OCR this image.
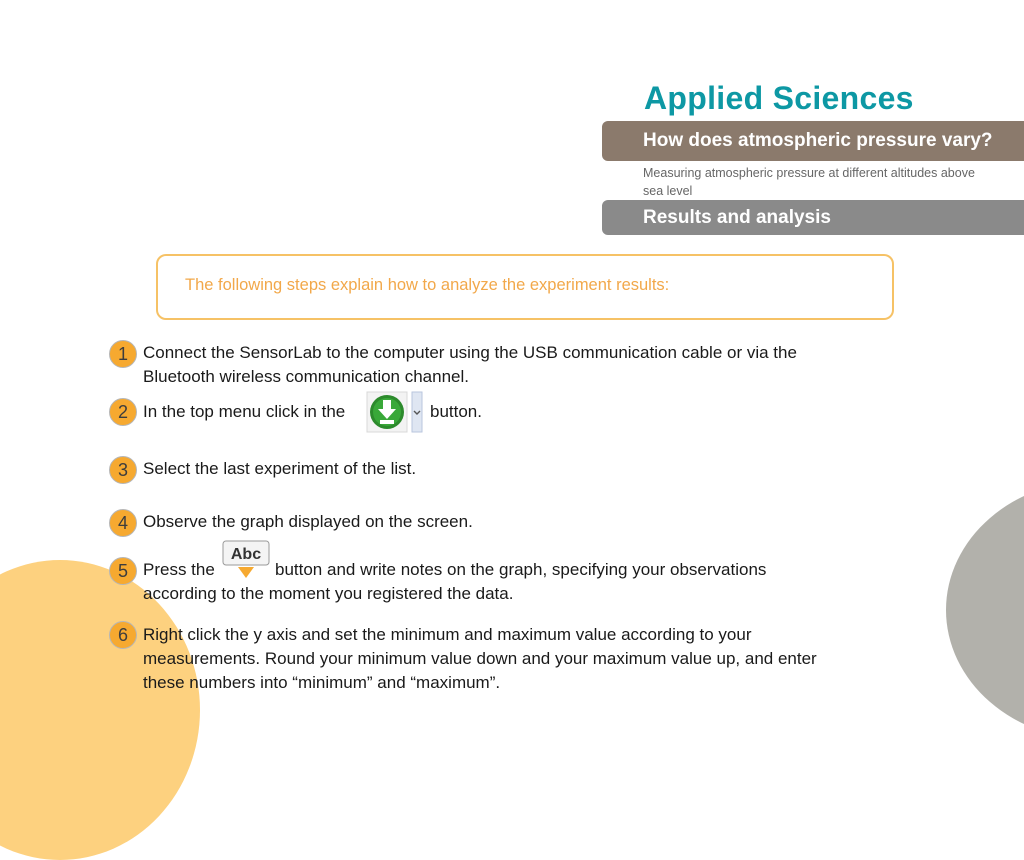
Applied Sciences
How does atmospheric pressure vary?
Measuring atmospheric pressure at different altitudes above sea level
Results and analysis
The following steps explain how to analyze the experiment results:
1 Connect the SensorLab to the computer using the USB communication cable or via the Bluetooth wireless communication channel.
2 In the top menu click in the	button.
3 Select the last experiment of the list.
4 Observe the graph displayed on the screen.
5 Press the
Abc
button and write notes on the graph, specifying your observations
according to the moment you registered the data.
6 Right click the y axis and set the minimum and maximum value according to your measurements. Round your minimum value down and your maximum value up, and enter these numbers into “minimum” and “maximum”.
